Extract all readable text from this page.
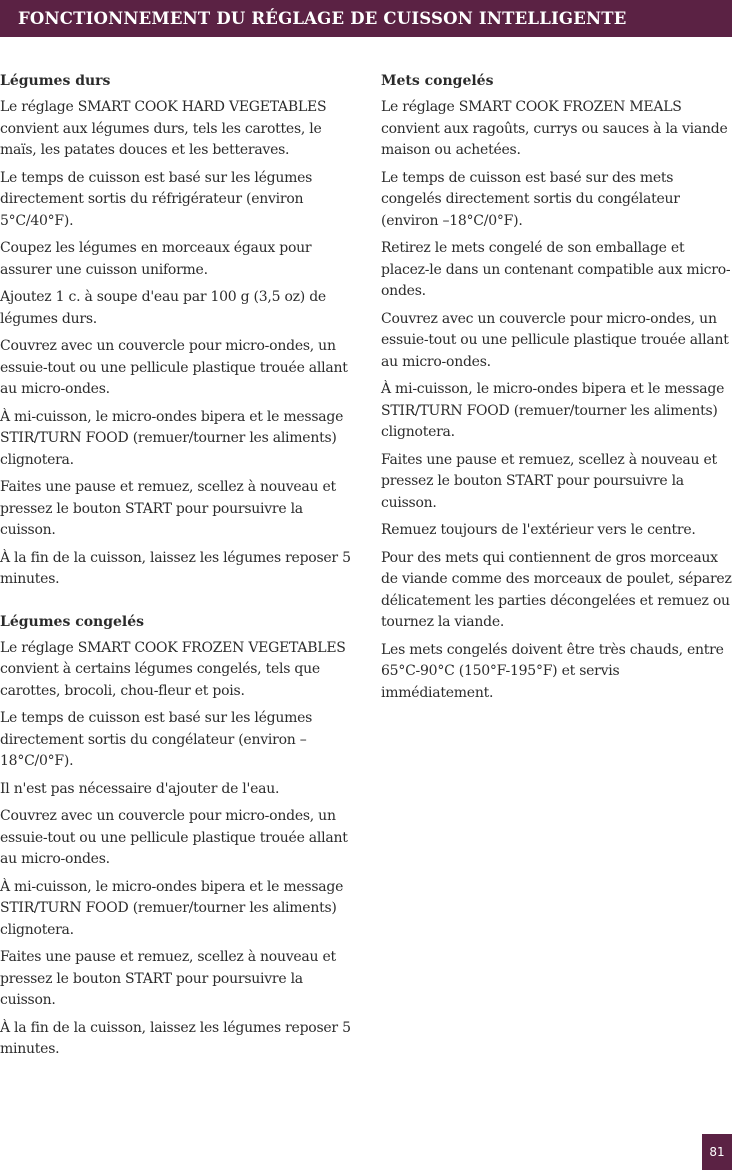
FONCTIONNEMENT DU RÉGLAGE DE CUISSON INTELLIGENTE
Légumes durs

Le réglage SMART COOK HARD VEGETABLES convient aux légumes durs, tels les carottes, le maïs, les patates douces et les betteraves.

Le temps de cuisson est basé sur les légumes directement sortis du réfrigérateur (environ 5°C/40°F).

Coupez les légumes en morceaux égaux pour assurer une cuisson uniforme.

Ajoutez 1 c. à soupe d'eau par 100 g (3,5 oz) de légumes durs.

Couvrez avec un couvercle pour micro-ondes, un essuie-tout ou une pellicule plastique trouée allant au micro-ondes.

À mi-cuisson, le micro-ondes bipera et le message STIR/TURN FOOD (remuer/tourner les aliments) clignotera.

Faites une pause et remuez, scellez à nouveau et pressez le bouton START pour poursuivre la cuisson.

À la fin de la cuisson, laissez les légumes reposer 5 minutes.

Légumes congelés

Le réglage SMART COOK FROZEN VEGETABLES convient à certains légumes congelés, tels que carottes, brocoli, chou-fleur et pois.

Le temps de cuisson est basé sur les légumes directement sortis du congélateur (environ –18°C/0°F).

Il n'est pas nécessaire d'ajouter de l'eau.

Couvrez avec un couvercle pour micro-ondes, un essuie-tout ou une pellicule plastique trouée allant au micro-ondes.

À mi-cuisson, le micro-ondes bipera et le message STIR/TURN FOOD (remuer/tourner les aliments) clignotera.

Faites une pause et remuez, scellez à nouveau et pressez le bouton START pour poursuivre la cuisson.

À la fin de la cuisson, laissez les légumes reposer 5 minutes.

Mets congelés

Le réglage SMART COOK FROZEN MEALS convient aux ragoûts, currys ou sauces à la viande maison ou achetées.

Le temps de cuisson est basé sur des mets congelés directement sortis du congélateur (environ –18°C/0°F).

Retirez le mets congelé de son emballage et placez-le dans un contenant compatible aux micro-ondes.

Couvrez avec un couvercle pour micro-ondes, un essuie-tout ou une pellicule plastique trouée allant au micro-ondes.

À mi-cuisson, le micro-ondes bipera et le message STIR/TURN FOOD (remuer/tourner les aliments) clignotera.

Faites une pause et remuez, scellez à nouveau et pressez le bouton START pour poursuivre la cuisson.

Remuez toujours de l'extérieur vers le centre.

Pour des mets qui contiennent de gros morceaux de viande comme des morceaux de poulet, séparez délicatement les parties décongelées et remuez ou tournez la viande.

Les mets congelés doivent être très chauds, entre 65°C-90°C (150°F-195°F) et servis immédiatement.

81
